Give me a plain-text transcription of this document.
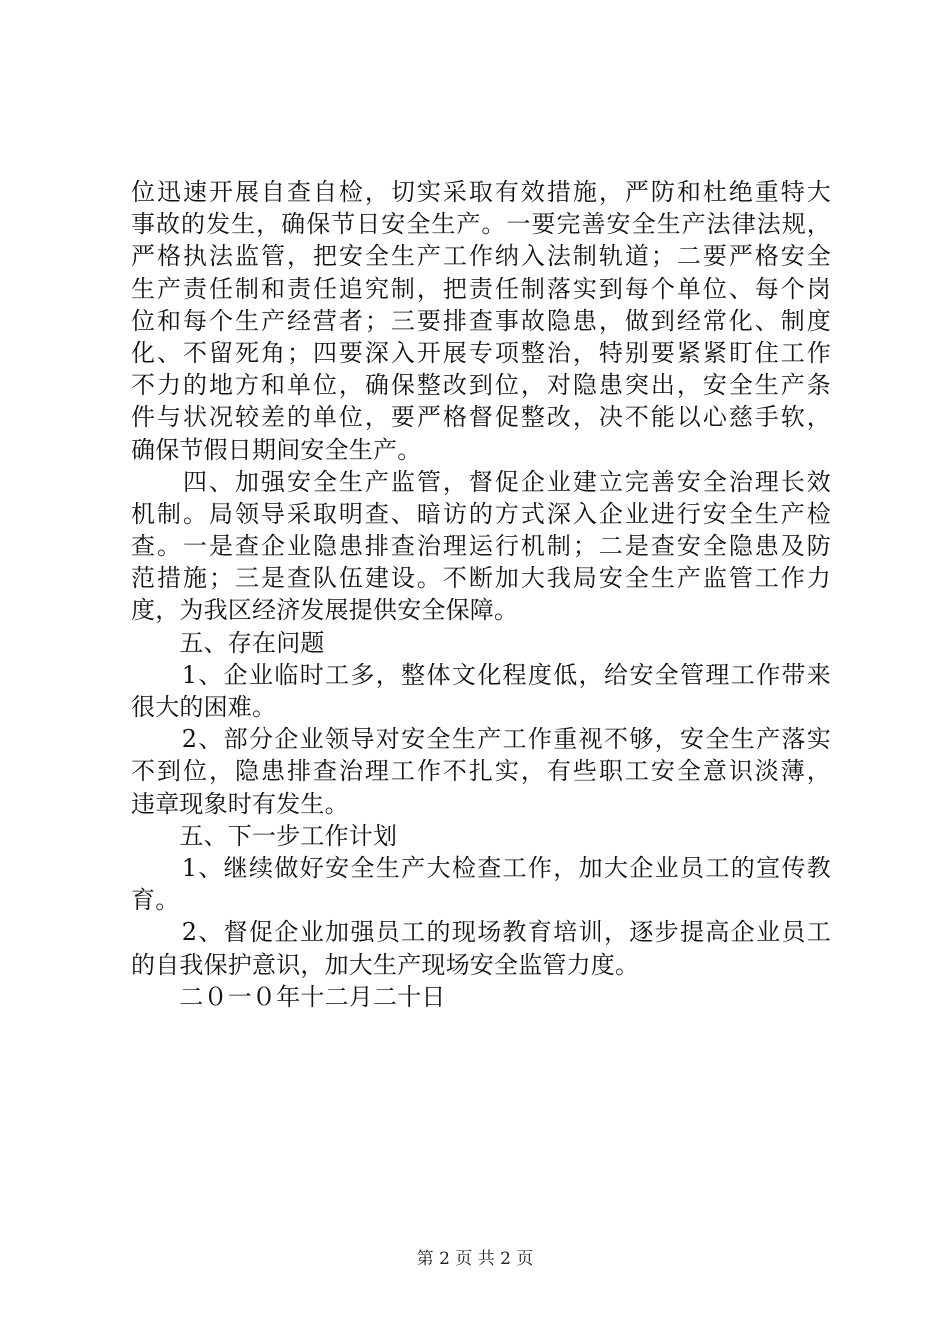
位迅速开展自查自检，切实采取有效措施，严防和杜绝重特大
事故的发生，确保节日安全生产。一要完善安全生产法律法规，
严格执法监管，把安全生产工作纳入法制轨道；二要严格安全
生产责任制和责任追究制，把责任制落实到每个单位、每个岗
位和每个生产经营者；三要排查事故隐患，做到经常化、制度
化、不留死角；四要深入开展专项整治，特别要紧紧盯住工作
不力的地方和单位，确保整改到位，对隐患突出，安全生产条
件与状况较差的单位，要严格督促整改，决不能以心慈手软，
确保节假日期间安全生产。
　　四、加强安全生产监管，督促企业建立完善安全治理长效
机制。局领导采取明查、暗访的方式深入企业进行安全生产检
查。一是查企业隐患排查治理运行机制；二是查安全隐患及防
范措施；三是查队伍建设。不断加大我局安全生产监管工作力
度，为我区经济发展提供安全保障。
　　五、存在问题
　　1、企业临时工多，整体文化程度低，给安全管理工作带来
很大的困难。
　　2、部分企业领导对安全生产工作重视不够，安全生产落实
不到位，隐患排查治理工作不扎实，有些职工安全意识淡薄，
违章现象时有发生。
　　五、下一步工作计划
　　1、继续做好安全生产大检查工作，加大企业员工的宣传教
育。
　　2、督促企业加强员工的现场教育培训，逐步提高企业员工
的自我保护意识，加大生产现场安全监管力度。
　　二０一０年十二月二十日
第 2 页 共 2 页
